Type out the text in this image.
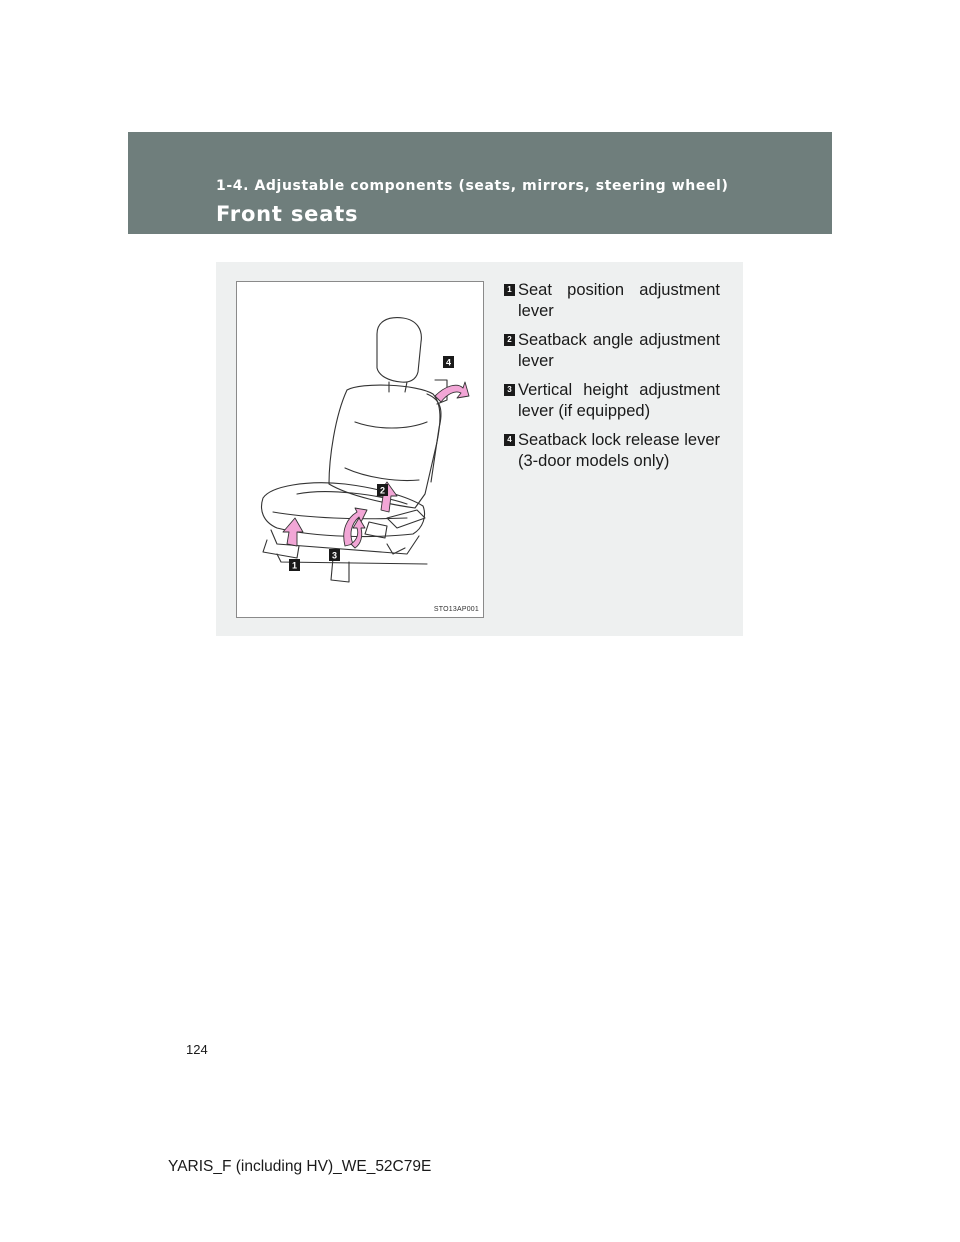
1-4. Adjustable components (seats, mirrors, steering wheel)
Front seats
1
2
3
4
STO13AP001
1 Seat position adjustment lever
2 Seatback angle adjustment lever
3 Vertical height adjustment lever (if equipped)
4 Seatback lock release lever (3-door models only)
124
YARIS_F (including HV)_WE_52C79E
